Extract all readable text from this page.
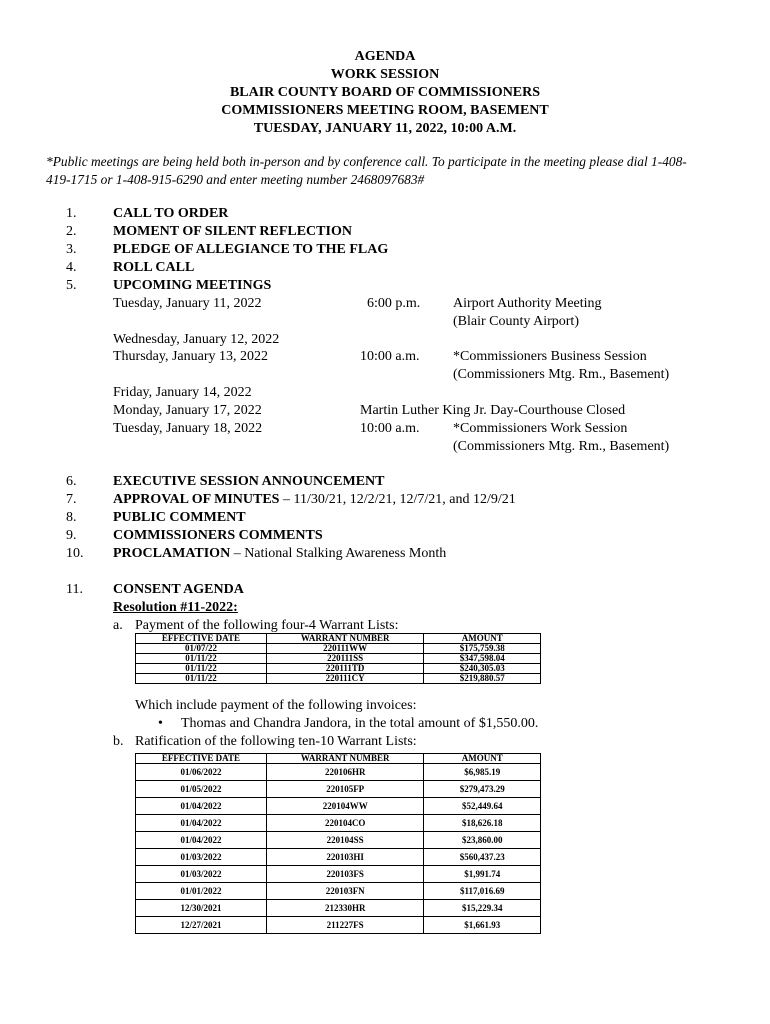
AGENDA
WORK SESSION
BLAIR COUNTY BOARD OF COMMISSIONERS
COMMISSIONERS MEETING ROOM, BASEMENT
TUESDAY, JANUARY 11, 2022, 10:00 A.M.
*Public meetings are being held both in-person and by conference call. To participate in the meeting please dial 1-408-
419-1715 or 1-408-915-6290 and enter meeting number 2468097683#
1.	CALL TO ORDER
2.	MOMENT OF SILENT REFLECTION
3.	PLEDGE OF ALLEGIANCE TO THE FLAG
4.	ROLL CALL
5.	UPCOMING MEETINGS
Tuesday, January 11, 2022	6:00 p.m. Airport Authority Meeting
(Blair County Airport)
Wednesday, January 12, 2022
Thursday, January 13, 2022	10:00 a.m. *Commissioners Business Session
(Commissioners Mtg. Rm., Basement)
Friday, January 14, 2022
Monday, January 17, 2022	Martin Luther King Jr. Day-Courthouse Closed
Tuesday, January 18, 2022	10:00 a.m. *Commissioners Work Session
(Commissioners Mtg. Rm., Basement)
6.	EXECUTIVE SESSION ANNOUNCEMENT
7.	APPROVAL OF MINUTES – 11/30/21, 12/2/21, 12/7/21, and 12/9/21
8.	PUBLIC COMMENT
9.	COMMISSIONERS COMMENTS
10. PROCLAMATION – National Stalking Awareness Month
11. CONSENT AGENDA
Resolution #11-2022:
a. Payment of the following four-4 Warrant Lists:
EFFECTIVE DATE	WARRANT NUMBER	AMOUNT
01/07/22	220111WW	$175,759.38
01/11/22	220111SS	$347,598.04
01/11/22	220111TD	$240,305.03
01/11/22	220111CY	$219,880.57
Which include payment of the following invoices:
• Thomas and Chandra Jandora, in the total amount of $1,550.00.
b. Ratification of the following ten-10 Warrant Lists:
EFFECTIVE DATE	WARRANT NUMBER	AMOUNT
01/06/2022	220106HR	$6,985.19
01/05/2022	220105FP	$279,473.29
01/04/2022	220104WW	$52,449.64
01/04/2022	220104CO	$18,626.18
01/04/2022	220104SS	$23,860.00
01/03/2022	220103HI	$560,437.23
01/03/2022	220103FS	$1,991.74
01/01/2022	220103FN	$117,016.69
12/30/2021	212330HR	$15,229.34
12/27/2021	211227FS	$1,661.93
